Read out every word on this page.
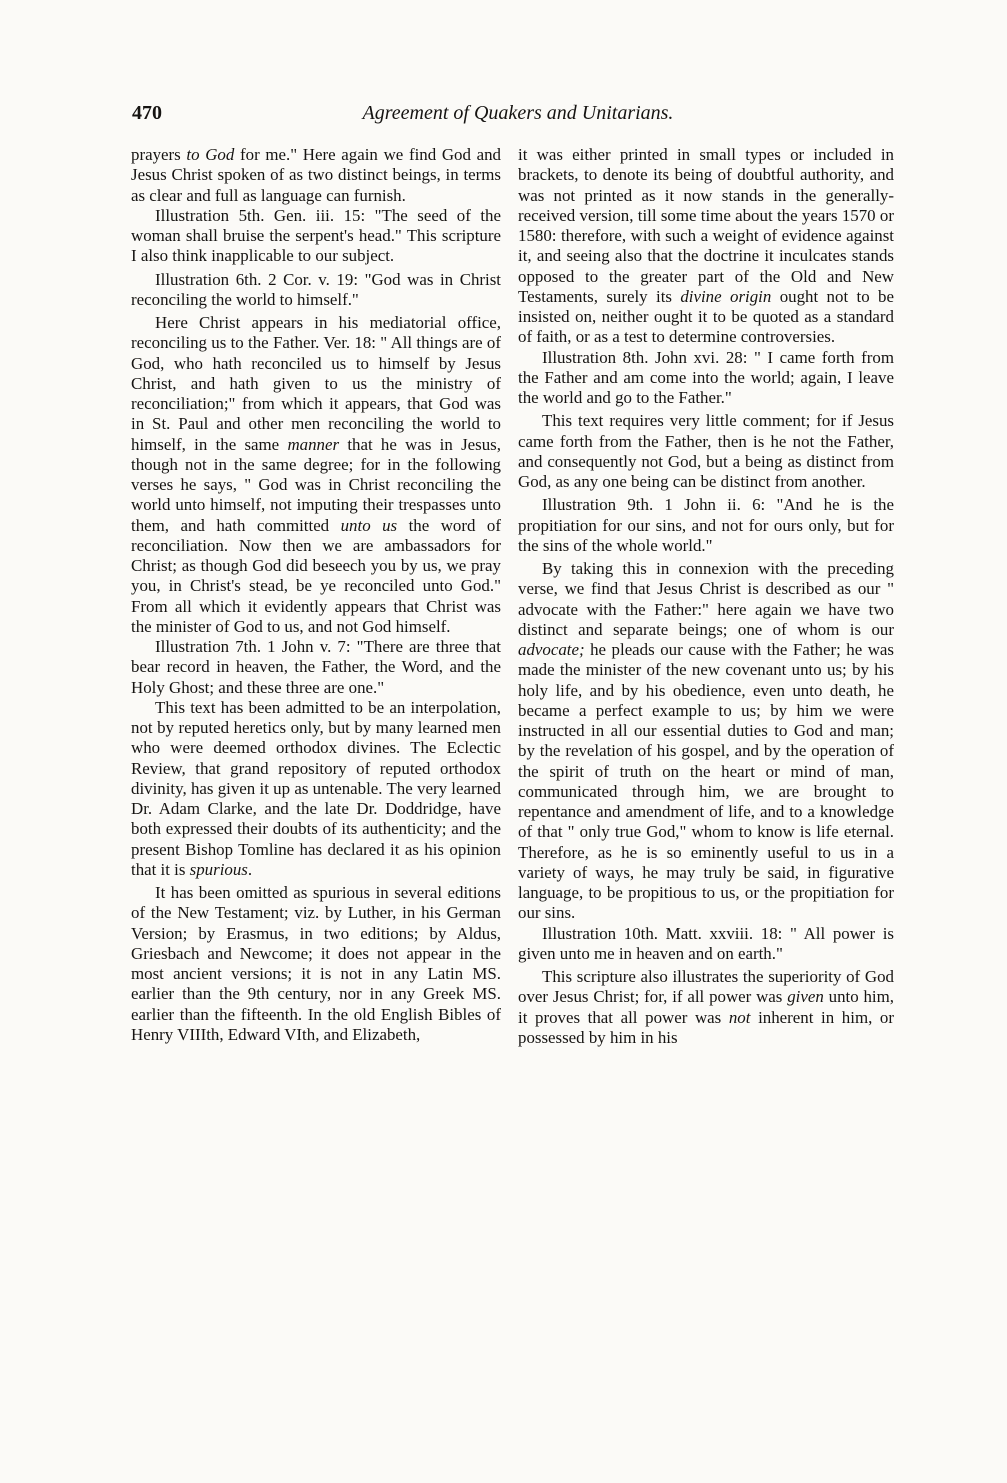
470	Agreement of Quakers and Unitarians.

prayers to God for me." Here again we find God and Jesus Christ spoken of as two distinct beings, in terms as clear and full as language can furnish.

Illustration 5th. Gen. iii. 15: "The seed of the woman shall bruise the serpent's head." This scripture I also think inapplicable to our subject.

Illustration 6th. 2 Cor. v. 19: "God was in Christ reconciling the world to himself."

Here Christ appears in his mediatorial office, reconciling us to the Father. Ver. 18: " All things are of God, who hath reconciled us to himself by Jesus Christ, and hath given to us the ministry of reconciliation;" from which it appears, that God was in St. Paul and other men reconciling the world to himself, in the same manner that he was in Jesus, though not in the same degree; for in the following verses he says, " God was in Christ reconciling the world unto himself, not imputing their trespasses unto them, and hath committed unto us the word of reconciliation. Now then we are ambassadors for Christ; as though God did beseech you by us, we pray you, in Christ's stead, be ye reconciled unto God." From all which it evidently appears that Christ was the minister of God to us, and not God himself.

Illustration 7th. 1 John v. 7: "There are three that bear record in heaven, the Father, the Word, and the Holy Ghost; and these three are one."

This text has been admitted to be an interpolation, not by reputed heretics only, but by many learned men who were deemed orthodox divines. The Eclectic Review, that grand repository of reputed orthodox divinity, has given it up as untenable. The very learned Dr. Adam Clarke, and the late Dr. Doddridge, have both expressed their doubts of its authenticity; and the present Bishop Tomline has declared it as his opinion that it is spurious.

It has been omitted as spurious in several editions of the New Testament; viz. by Luther, in his German Version; by Erasmus, in two editions; by Aldus, Griesbach and Newcome; it does not appear in the most ancient versions; it is not in any Latin MS. earlier than the 9th century, nor in any Greek MS. earlier than the fifteenth. In the old English Bibles of Henry VIIIth, Edward VIth, and Elizabeth,

it was either printed in small types or included in brackets, to denote its being of doubtful authority, and was not printed as it now stands in the generally-received version, till some time about the years 1570 or 1580: therefore, with such a weight of evidence against it, and seeing also that the doctrine it inculcates stands opposed to the greater part of the Old and New Testaments, surely its divine origin ought not to be insisted on, neither ought it to be quoted as a standard of faith, or as a test to determine controversies.

Illustration 8th. John xvi. 28: " I came forth from the Father and am come into the world; again, I leave the world and go to the Father."

This text requires very little comment; for if Jesus came forth from the Father, then is he not the Father, and consequently not God, but a being as distinct from God, as any one being can be distinct from another.

Illustration 9th. 1 John ii. 6: "And he is the propitiation for our sins, and not for ours only, but for the sins of the whole world."

By taking this in connexion with the preceding verse, we find that Jesus Christ is described as our " advocate with the Father:" here again we have two distinct and separate beings; one of whom is our advocate; he pleads our cause with the Father; he was made the minister of the new covenant unto us; by his holy life, and by his obedience, even unto death, he became a perfect example to us; by him we were instructed in all our essential duties to God and man; by the revelation of his gospel, and by the operation of the spirit of truth on the heart or mind of man, communicated through him, we are brought to repentance and amendment of life, and to a knowledge of that " only true God," whom to know is life eternal. Therefore, as he is so eminently useful to us in a variety of ways, he may truly be said, in figurative language, to be propitious to us, or the propitiation for our sins.

Illustration 10th. Matt. xxviii. 18: " All power is given unto me in heaven and on earth."

This scripture also illustrates the superiority of God over Jesus Christ; for, if all power was given unto him, it proves that all power was not inherent in him, or possessed by him in his
